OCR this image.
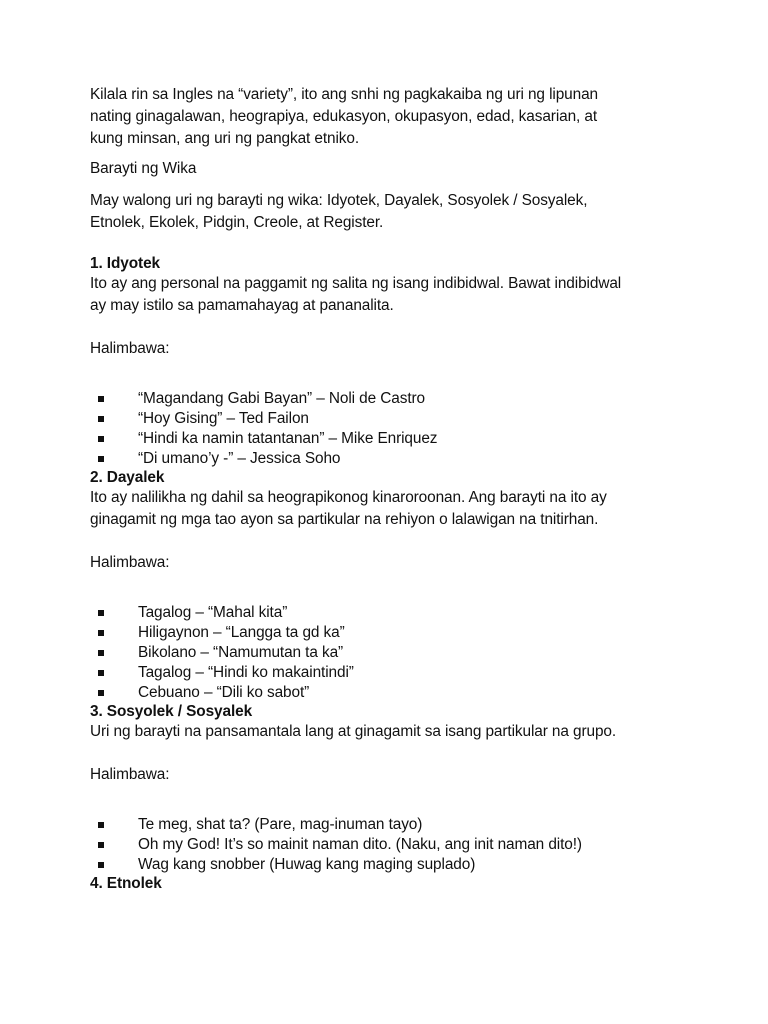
Kilala rin sa Ingles na “variety”, ito ang snhi ng pagkakaiba ng uri ng lipunan
nating ginagalawan, heograpiya, edukasyon, okupasyon, edad, kasarian, at
kung minsan, ang uri ng pangkat etniko.

Barayti ng Wika

May walong uri ng barayti ng wika: Idyotek, Dayalek, Sosyolek / Sosyalek,
Etnolek, Ekolek, Pidgin, Creole, at Register.

1. Idyotek

Ito ay ang personal na paggamit ng salita ng isang indibidwal. Bawat indibidwal
ay may istilo sa pamamahayag at pananalita.

Halimbawa:

“Magandang Gabi Bayan” – Noli de Castro
“Hoy Gising” – Ted Failon
“Hindi ka namin tatantanan” – Mike Enriquez
“Di umano’y -” – Jessica Soho

2. Dayalek

Ito ay nalilikha ng dahil sa heograpikonog kinaroroonan. Ang barayti na ito ay
ginagamit ng mga tao ayon sa partikular na rehiyon o lalawigan na tnitirhan.

Halimbawa:

Tagalog – “Mahal kita”
Hiligaynon – “Langga ta gd ka”
Bikolano – “Namumutan ta ka”
Tagalog – “Hindi ko makaintindi”
Cebuano – “Dili ko sabot”

3. Sosyolek / Sosyalek

Uri ng barayti na pansamantala lang at ginagamit sa isang partikular na grupo.

Halimbawa:

Te meg, shat ta? (Pare, mag-inuman tayo)
Oh my God! It’s so mainit naman dito. (Naku, ang init naman dito!)
Wag kang snobber (Huwag kang maging suplado)

4. Etnolek
